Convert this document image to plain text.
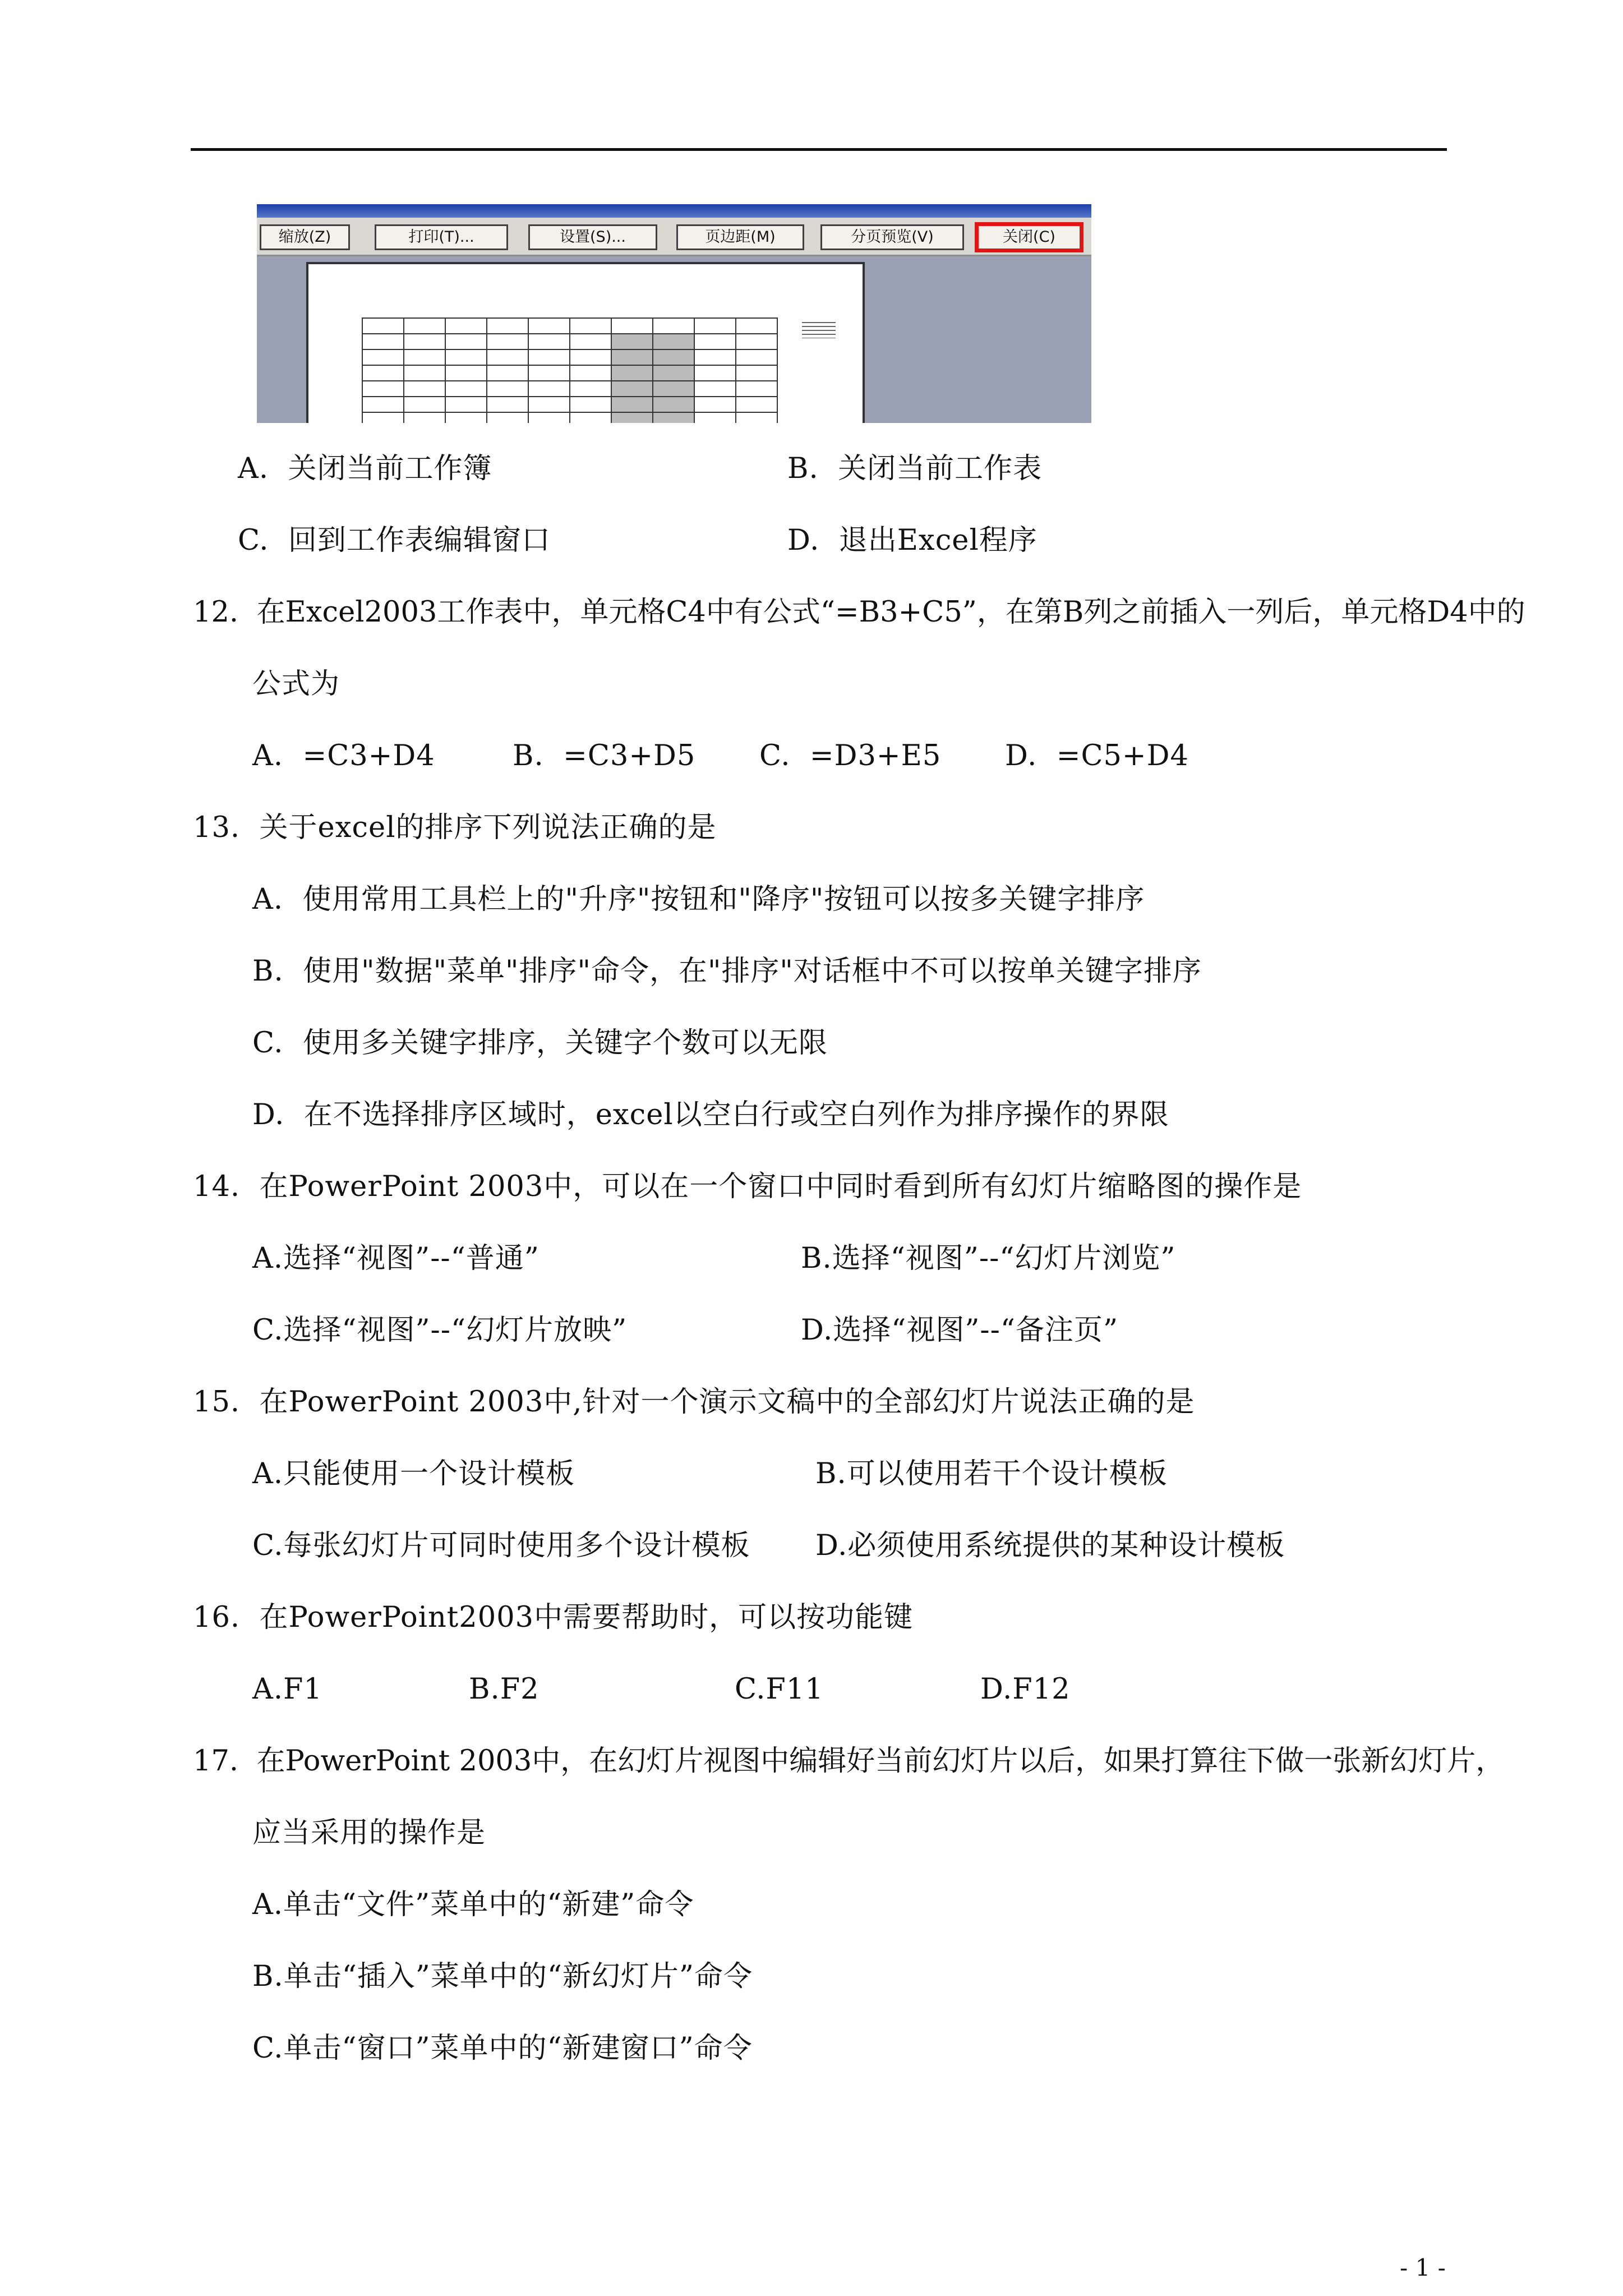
缩放(Z)	打印(T)...	设置(S)...	页边距(M)	分页预览(V)	关闭(C)

A.  关闭当前工作簿	B.  关闭当前工作表
C.  回到工作表编辑窗口	D.  退出Excel程序
12.  在Excel2003工作表中，单元格C4中有公式“=B3+C5”，在第B列之前插入一列后，单元格D4中的
公式为
A.  =C3+D4	B.  =C3+D5 C.  =D3+E5 D.  =C5+D4
13.  关于excel的排序下列说法正确的是
A.  使用常用工具栏上的"升序"按钮和"降序"按钮可以按多关键字排序
B.  使用"数据"菜单"排序"命令，在"排序"对话框中不可以按单关键字排序
C.  使用多关键字排序，关键字个数可以无限
D.  在不选择排序区域时，excel以空白行或空白列作为排序操作的界限
14.  在PowerPoint 2003中，可以在一个窗口中同时看到所有幻灯片缩略图的操作是
A.选择“视图”--“普通”	B.选择“视图”--“幻灯片浏览”
C.选择“视图”--“幻灯片放映”	D.选择“视图”--“备注页”
15.  在PowerPoint 2003中,针对一个演示文稿中的全部幻灯片说法正确的是
A.只能使用一个设计模板	B.可以使用若干个设计模板
C.每张幻灯片可同时使用多个设计模板 D.必须使用系统提供的某种设计模板
16.  在PowerPoint2003中需要帮助时，可以按功能键
A.F1	B.F2	C.F11	D.F12
17.  在PowerPoint 2003中，在幻灯片视图中编辑好当前幻灯片以后，如果打算往下做一张新幻灯片，
应当采用的操作是
A.单击“文件”菜单中的“新建”命令
B.单击“插入”菜单中的“新幻灯片”命令
C.单击“窗口”菜单中的“新建窗口”命令
- 1 -
